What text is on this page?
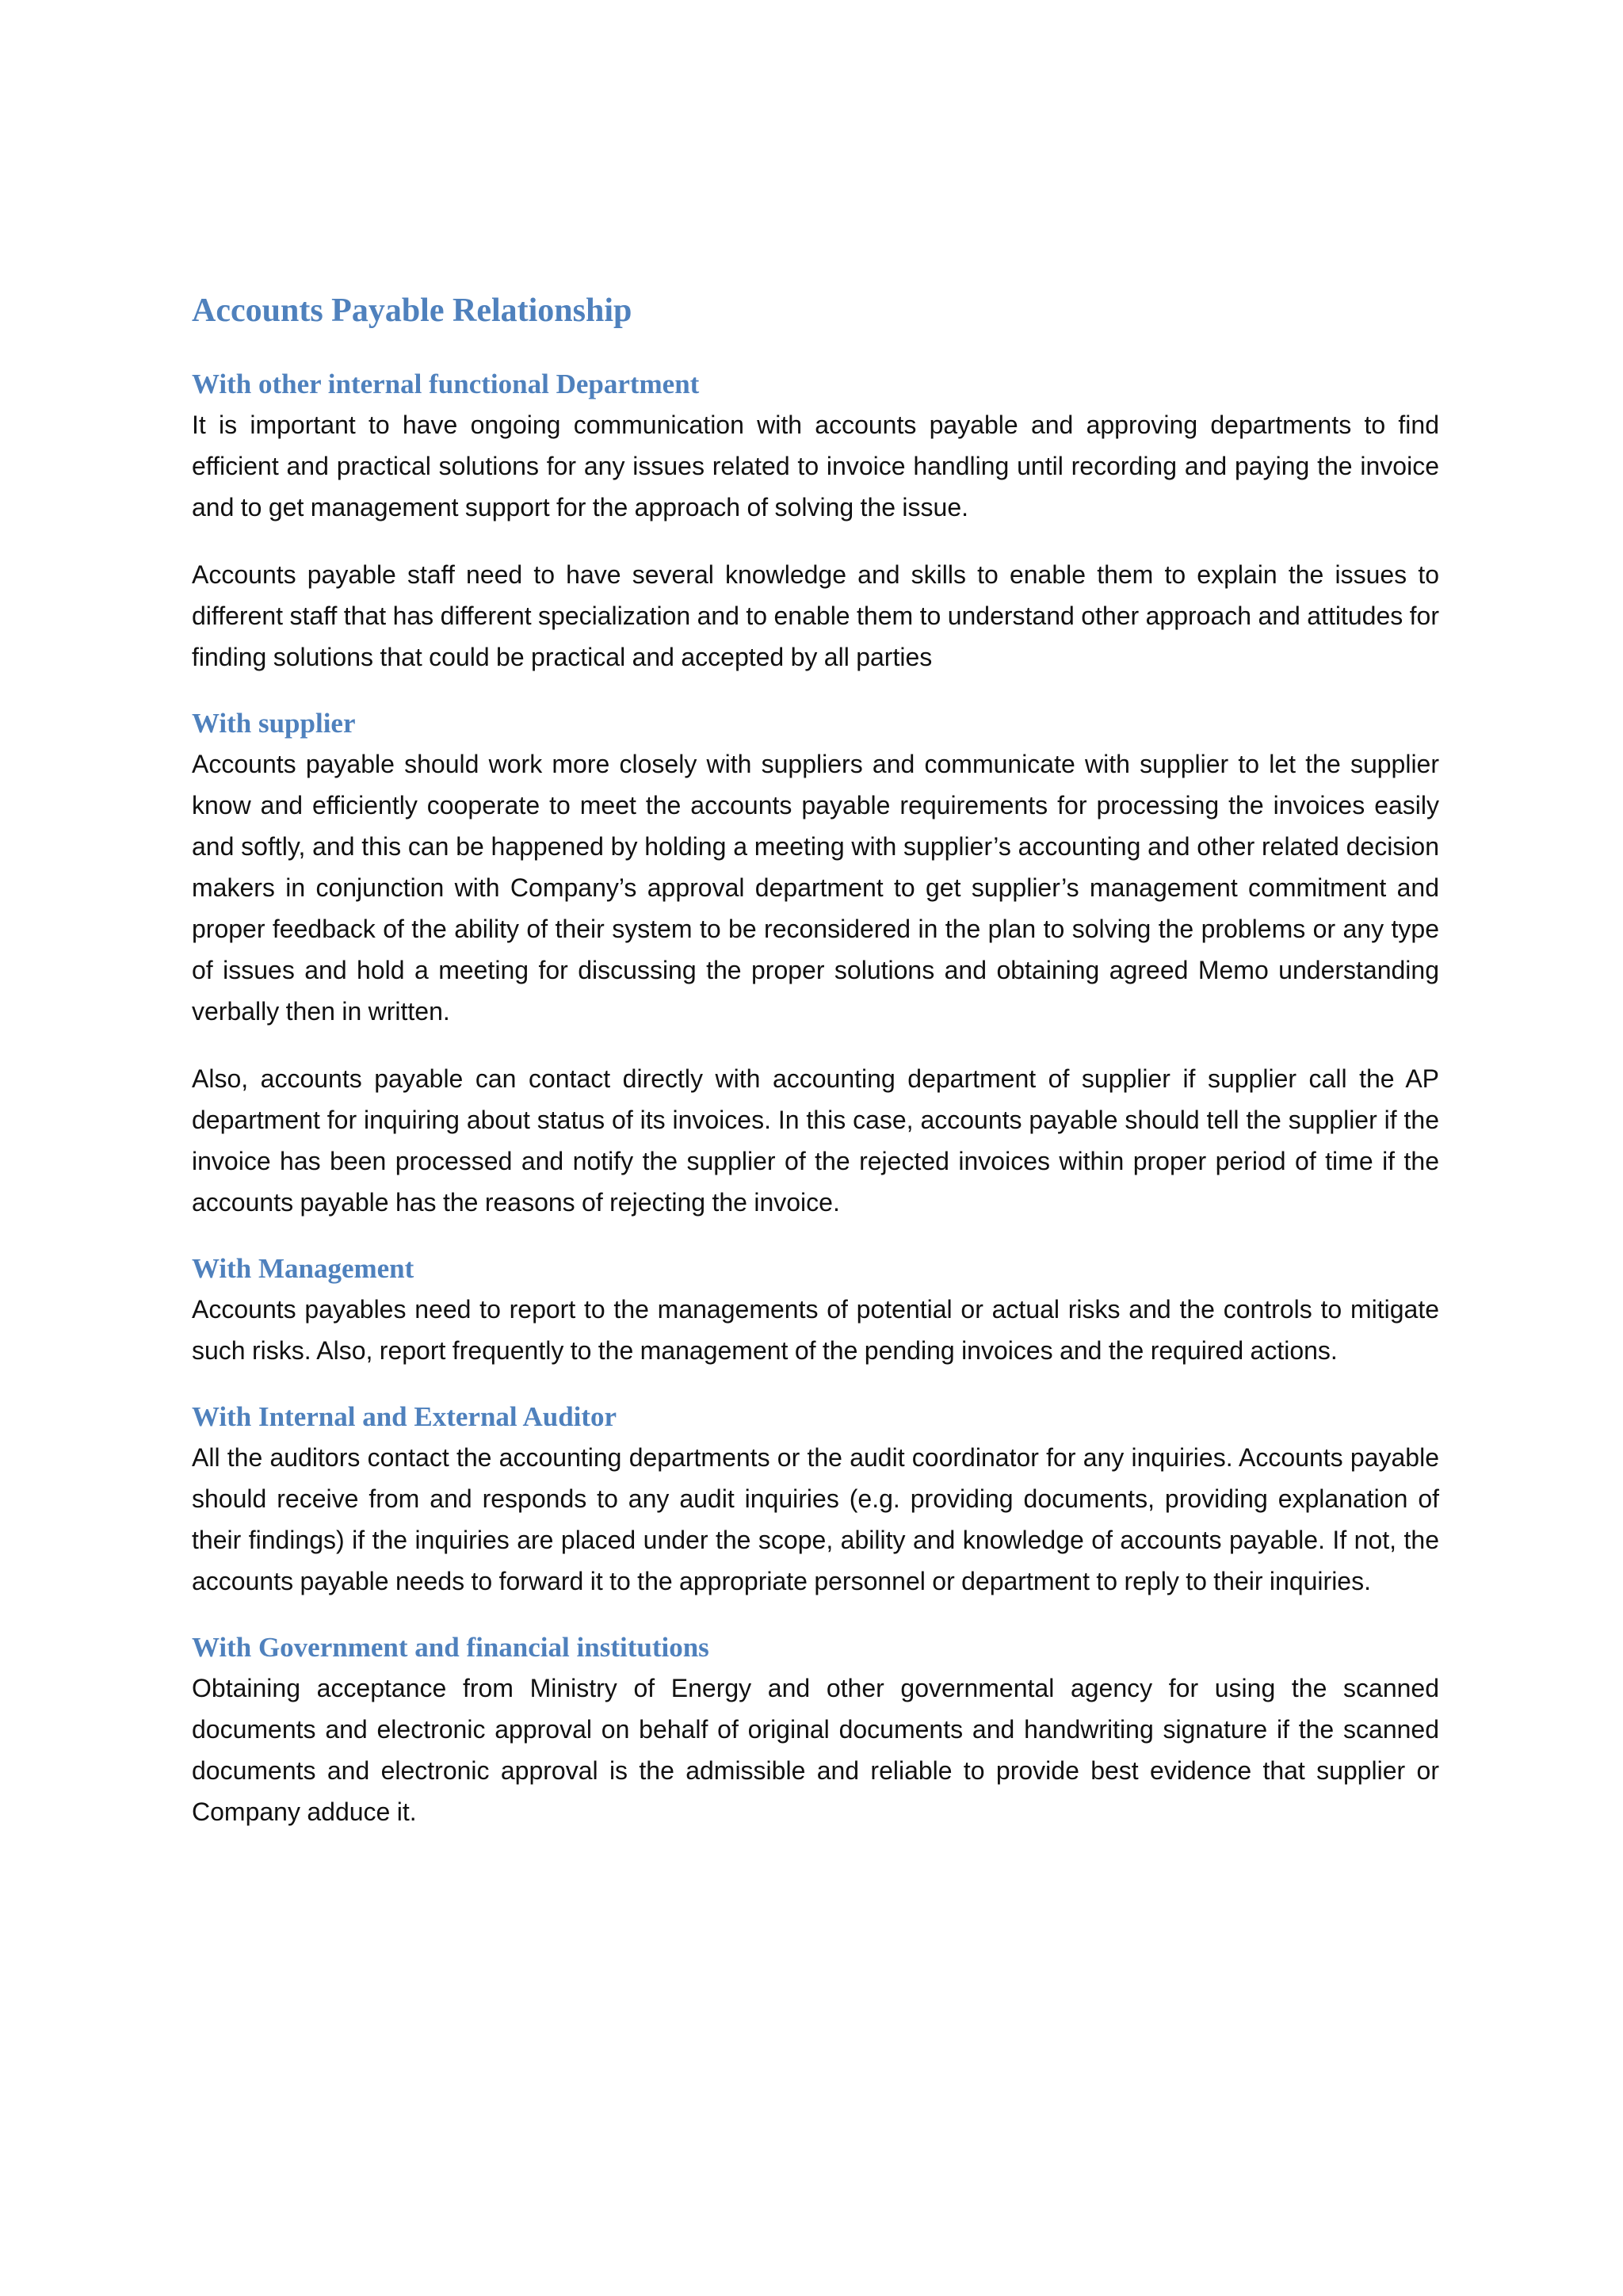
Accounts Payable Relationship
With other internal functional Department

It is important to have ongoing communication with accounts payable and approving departments to find efficient and practical solutions for any issues related to invoice handling until recording and paying the invoice and to get management support for the approach of solving the issue.

Accounts payable staff need to have several knowledge and skills to enable them to explain the issues to different staff that has different specialization and to enable them to understand other approach and attitudes for finding solutions that could be practical and accepted by all parties

With supplier

Accounts payable should work more closely with suppliers and communicate with supplier to let the supplier know and efficiently cooperate to meet the accounts payable requirements for processing the invoices easily and softly, and this can be happened by holding a meeting with supplier’s accounting and other related decision makers in conjunction with Company’s approval department to get supplier’s management commitment and proper feedback of the ability of their system to be reconsidered in the plan to solving the problems or any type of issues and hold a meeting for discussing the proper solutions and obtaining agreed Memo understanding verbally then in written.

Also, accounts payable can contact directly with accounting department of supplier if supplier call the AP department for inquiring about status of its invoices. In this case, accounts payable should tell the supplier if the invoice has been processed and notify the supplier of the rejected invoices within proper period of time if the accounts payable has the reasons of rejecting the invoice.

With Management

Accounts payables need to report to the managements of potential or actual risks and the controls to mitigate such risks. Also, report frequently to the management of the pending invoices and the required actions.

With Internal and External Auditor

All the auditors contact the accounting departments or the audit coordinator for any inquiries. Accounts payable should receive from and responds to any audit inquiries (e.g. providing documents, providing explanation of their findings) if the inquiries are placed under the scope, ability and knowledge of accounts payable. If not, the accounts payable needs to forward it to the appropriate personnel or department to reply to their inquiries.

With Government and financial institutions

Obtaining acceptance from Ministry of Energy and other governmental agency for using the scanned documents and electronic approval on behalf of original documents and handwriting signature if the scanned documents and electronic approval is the admissible and reliable to provide best evidence that supplier or Company adduce it.
